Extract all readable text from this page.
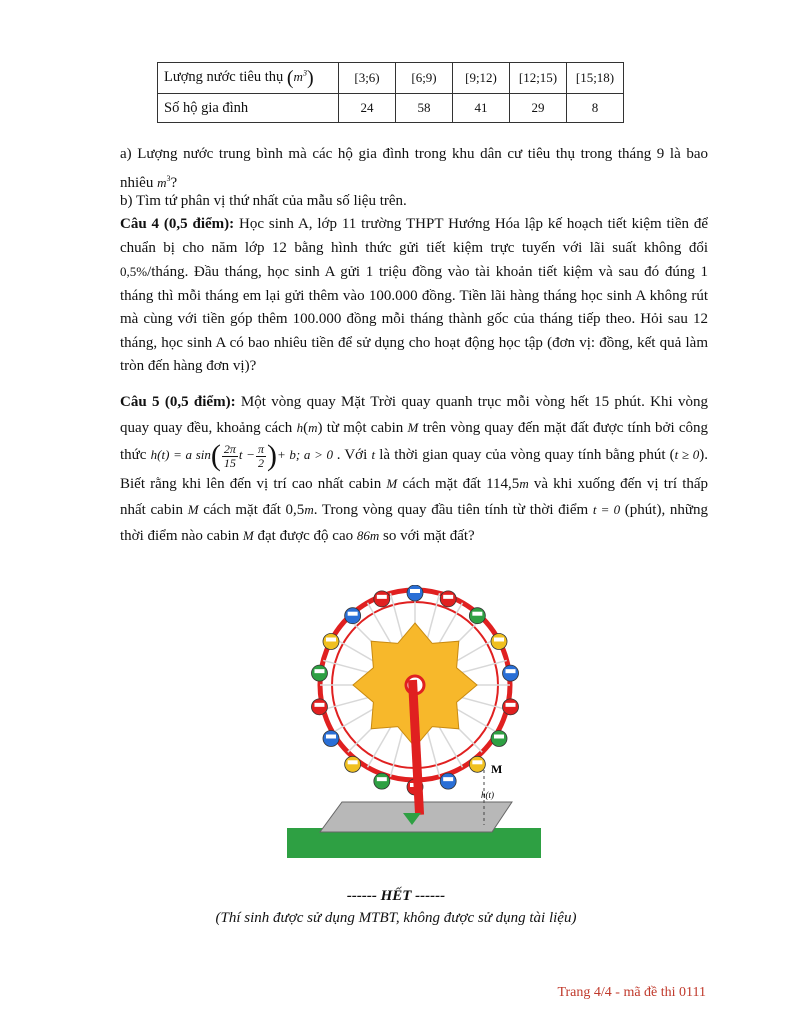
Lượng nước tiêu thụ $(m^3)$	[3;6)	[6;9)	[9;12)	[12;15)	[15;18)
Số hộ gia đình	24	58	41	29	8

a) Lượng nước trung bình mà các hộ gia đình trong khu dân cư tiêu thụ trong tháng 9 là bao nhiêu $m^3$?

b) Tìm tứ phân vị thứ nhất của mẫu số liệu trên.

Câu 4 (0,5 điểm): Học sinh A, lớp 11 trường THPT Hướng Hóa lập kế hoạch tiết kiệm tiền để chuẩn bị cho năm lớp 12 bằng hình thức gửi tiết kiệm trực tuyến với lãi suất không đổi 0,5%/tháng. Đầu tháng, học sinh A gửi 1 triệu đồng vào tài khoản tiết kiệm và sau đó đúng 1 tháng thì mỗi tháng em lại gửi thêm vào 100.000 đồng. Tiền lãi hàng tháng học sinh A không rút mà cùng với tiền góp thêm 100.000 đồng mỗi tháng thành gốc của tháng tiếp theo. Hỏi sau 12 tháng, học sinh A có bao nhiêu tiền để sử dụng cho hoạt động học tập (đơn vị: đồng, kết quả làm tròn đến hàng đơn vị)?

Câu 5 (0,5 điểm): Một vòng quay Mặt Trời quay quanh trục mỗi vòng hết 15 phút. Khi vòng quay quay đều, khoảng cách h(m) từ một cabin M trên vòng quay đến mặt đất được tính bởi công thức h(t) = a $\sin( \frac{2\pi}{15}$ $t - \frac{\pi}{2}$ )+ b; a > 0 . Với t là thời gian quay của vòng quay tính bằng phút (t ≥ 0). Biết rằng khi lên đến vị trí cao nhất cabin M cách mặt đất 114,5m và khi xuống đến vị trí thấp nhất cabin M cách mặt đất 0,5m. Trong vòng quay đầu tiên tính từ thời điểm t = 0 (phút), những thời điểm nào cabin M đạt được độ cao 86m so với mặt đất?

M
h(t)
------ HẾT ------
(Thí sinh được sử dụng MTBT, không được sử dụng tài liệu)
Trang 4/4 - mã đề thi 0111
